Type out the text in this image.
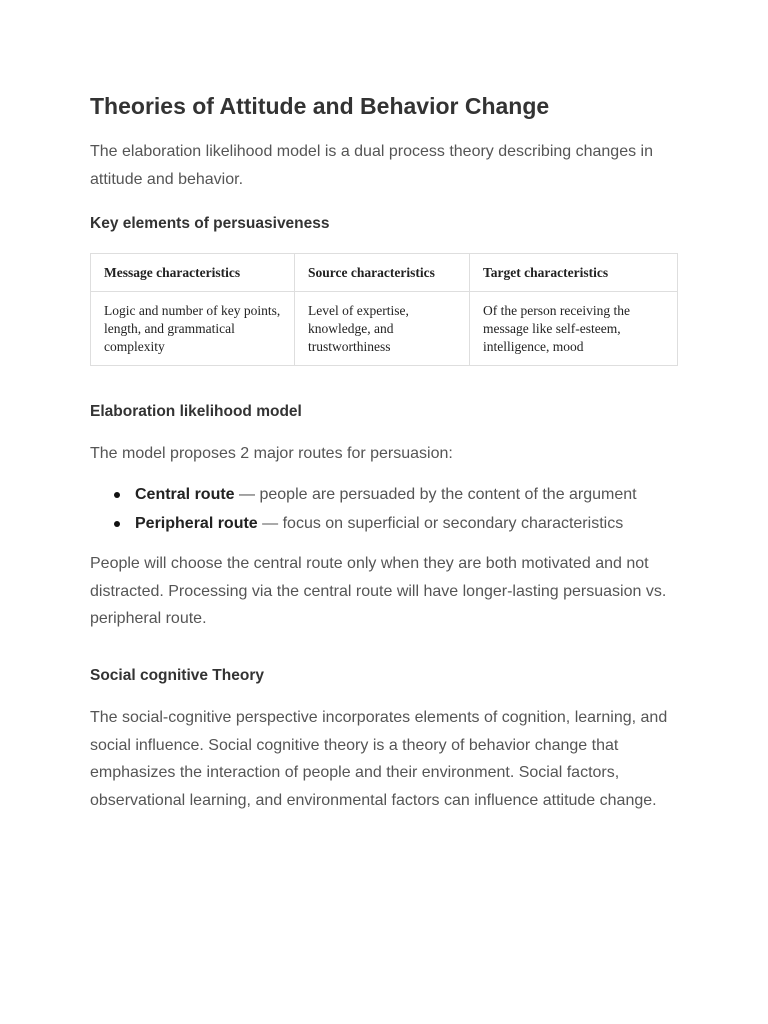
Theories of Attitude and Behavior Change

The elaboration likelihood model is a dual process theory describing changes in attitude and behavior.

Key elements of persuasiveness
Message characteristics	Source characteristics	Target characteristics
Logic and number of key points, length, and grammatical complexity	Level of expertise, knowledge, and trustworthiness	Of the person receiving the message like self-esteem, intelligence, mood
Elaboration likelihood model

The model proposes 2 major routes for persuasion:

Central route — people are persuaded by the content of the argument
Peripheral route — focus on superficial or secondary characteristics

People will choose the central route only when they are both motivated and not distracted. Processing via the central route will have longer-lasting persuasion vs. peripheral route.

Social cognitive Theory

The social-cognitive perspective incorporates elements of cognition, learning, and social influence. Social cognitive theory is a theory of behavior change that emphasizes the interaction of people and their environment. Social factors, observational learning, and environmental factors can influence attitude change.
